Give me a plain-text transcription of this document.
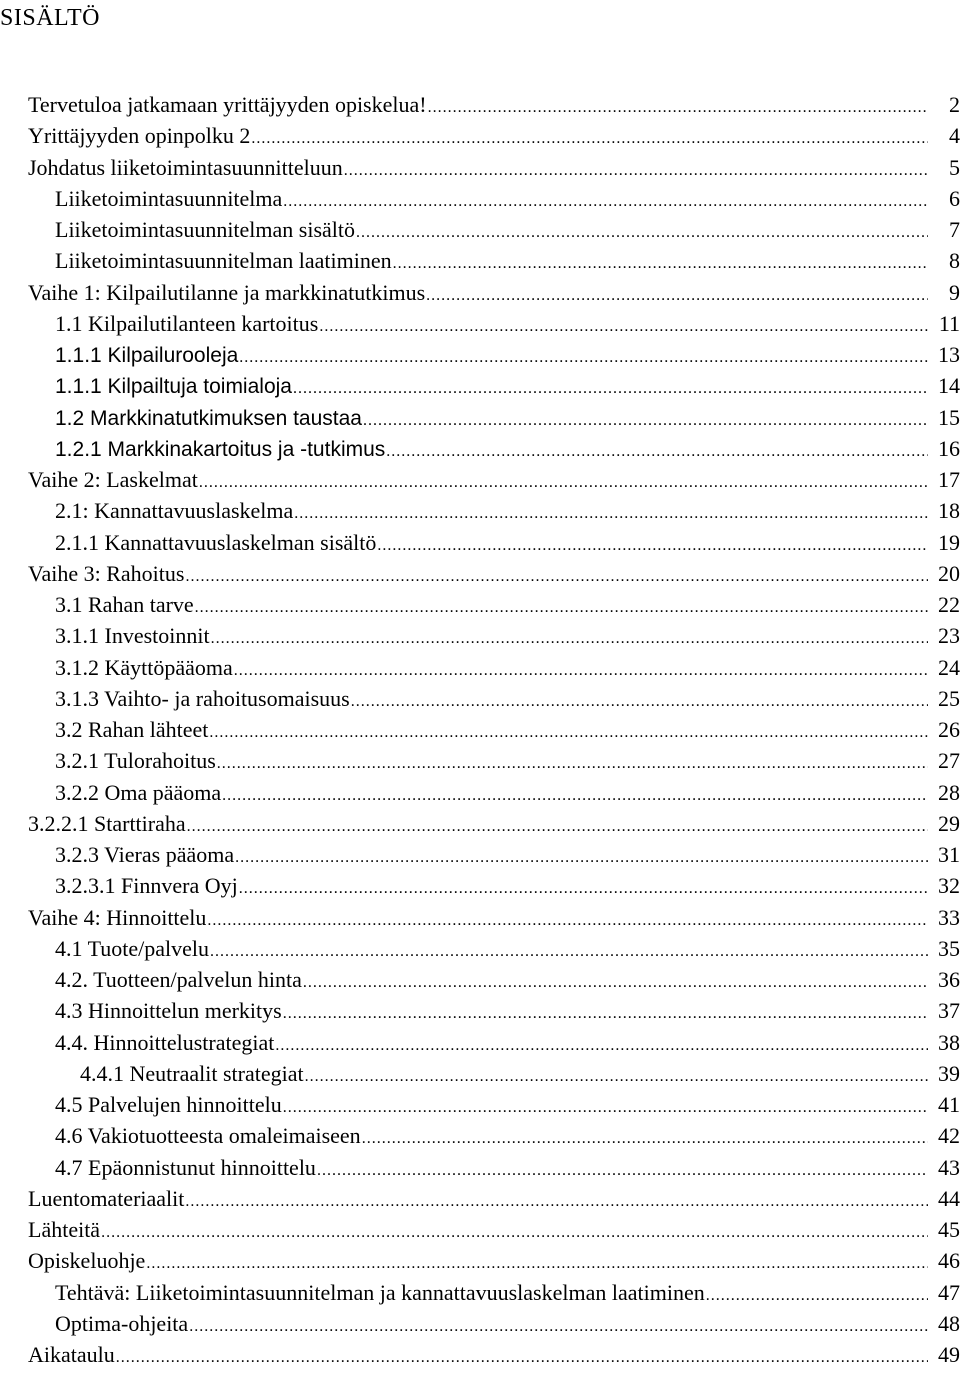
SISÄLTÖ
Tervetuloa jatkamaan yrittäjyyden opiskelua! .....	2
Yrittäjyyden opinpolku 2 .....	4
Johdatus liiketoimintasuunnitteluun .....	5
Liiketoimintasuunnitelma .....	6
Liiketoimintasuunnitelman sisältö .....	7
Liiketoimintasuunnitelman laatiminen .....	8
Vaihe 1: Kilpailutilanne ja markkinatutkimus .....	9
1.1 Kilpailutilanteen kartoitus .....	11
1.1.1 Kilpailurooleja .....	13
1.1.1 Kilpailtuja toimialoja .....	14
1.2 Markkinatutkimuksen taustaa .....	15
1.2.1 Markkinakartoitus ja -tutkimus .....	16
Vaihe 2: Laskelmat .....	17
2.1: Kannattavuuslaskelma .....	18
2.1.1 Kannattavuuslaskelman sisältö .....	19
Vaihe 3: Rahoitus .....	20
3.1 Rahan tarve .....	22
3.1.1 Investoinnit .....	23
3.1.2 Käyttöpääoma .....	24
3.1.3 Vaihto- ja rahoitusomaisuus .....	25
3.2 Rahan lähteet .....	26
3.2.1 Tulorahoitus .....	27
3.2.2 Oma pääoma .....	28
3.2.2.1 Starttiraha .....	29
3.2.3 Vieras pääoma .....	31
3.2.3.1 Finnvera Oyj .....	32
Vaihe 4: Hinnoittelu .....	33
4.1 Tuote/palvelu .....	35
4.2. Tuotteen/palvelun hinta .....	36
4.3 Hinnoittelun merkitys .....	37
4.4. Hinnoittelustrategiat .....	38
4.4.1 Neutraalit strategiat .....	39
4.5 Palvelujen hinnoittelu .....	41
4.6 Vakiotuotteesta omaleimaiseen .....	42
4.7 Epäonnistunut hinnoittelu .....	43
Luentomateriaalit .....	44
Lähteitä .....	45
Opiskeluohje .....	46
Tehtävä: Liiketoimintasuunnitelman ja kannattavuuslaskelman laatiminen .....	47
Optima-ohjeita .....	48
Aikataulu .....	49
